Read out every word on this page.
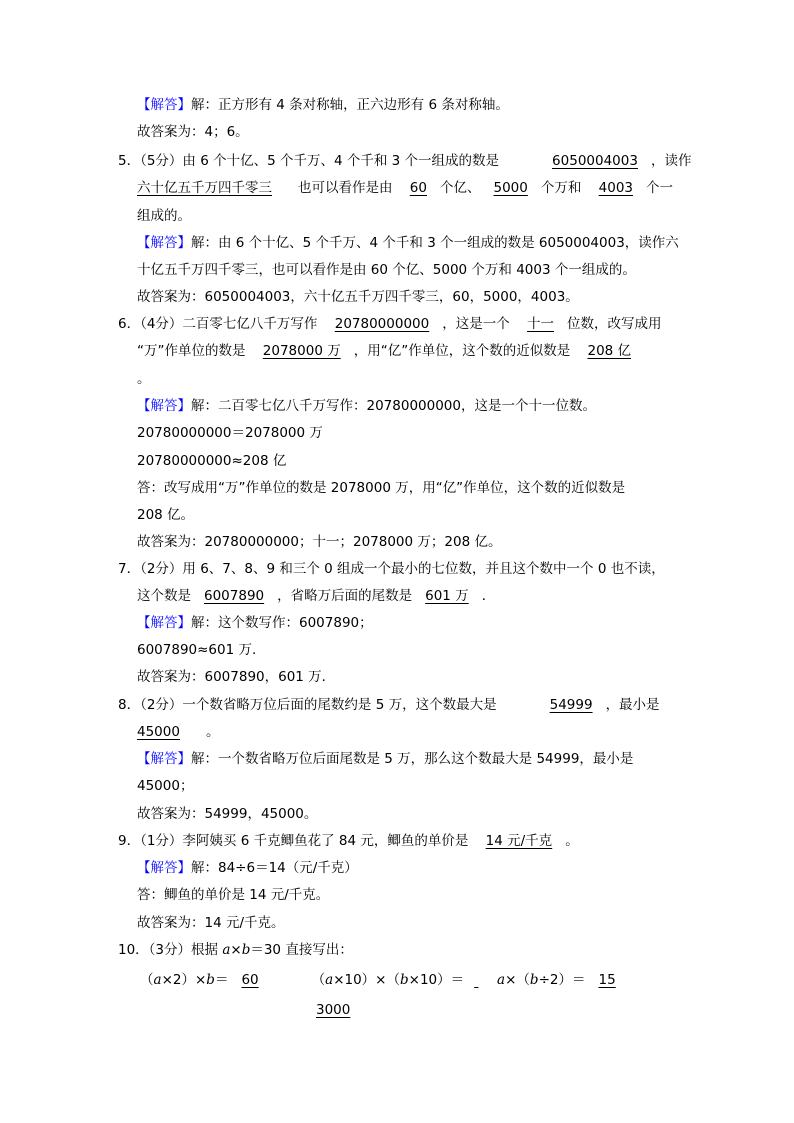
【解答】解：正方形有 4 条对称轴，正六边形有 6 条对称轴。
故答案为：4；6。
5．（5分）由 6 个十亿、5 个千万、4 个千和 3 个一组成的数是	6050004003 ，读作
六十亿五千万四千零三 也可以看作是由 60 个亿、 5000 个万和 4003 个一
组成的。
【解答】解：由 6 个十亿、5 个千万、4 个千和 3 个一组成的数是 6050004003，读作六
十亿五千万四千零三，也可以看作是由 60 个亿、5000 个万和 4003 个一组成的。
故答案为：6050004003，六十亿五千万四千零三，60，5000，4003。
6．（4分）二百零七亿八千万写作 20780000000 ，这是一个 十一 位数，改写成用
“万”作单位的数是 2078000 万 ，用“亿”作单位，这个数的近似数是 208 亿
。
【解答】解：二百零七亿八千万写作：20780000000，这是一个十一位数。
20780000000＝2078000 万
20780000000≈208 亿
答：改写成用“万”作单位的数是 2078000 万，用“亿”作单位，这个数的近似数是
208 亿。
故答案为：20780000000；十一；2078000 万；208 亿。
7．（2分）用 6、7、8、9 和三个 0 组成一个最小的七位数，并且这个数中一个 0 也不读，
这个数是 6007890 ，省略万后面的尾数是 601 万 ．
【解答】解：这个数写作：6007890；
6007890≈601 万．
故答案为：6007890，601 万．
8．（2分）一个数省略万位后面的尾数约是 5 万，这个数最大是	54999 ，最小是
45000 。
【解答】解：一个数省略万位后面尾数是 5 万，那么这个数最大是 54999，最小是
45000；
故答案为：54999，45000。
9．（1分）李阿姨买 6 千克鲫鱼花了 84 元，鲫鱼的单价是 14 元/千克 。
【解答】解：84÷6＝14（元/千克）
答：鲫鱼的单价是 14 元/千克。
故答案为：14 元/千克。
10．（3分）根据 a×b＝30 直接写出：
（a×2）×b＝ 60	（a×10）×（b×10）＝ a×（b÷2）＝ 15
3000
